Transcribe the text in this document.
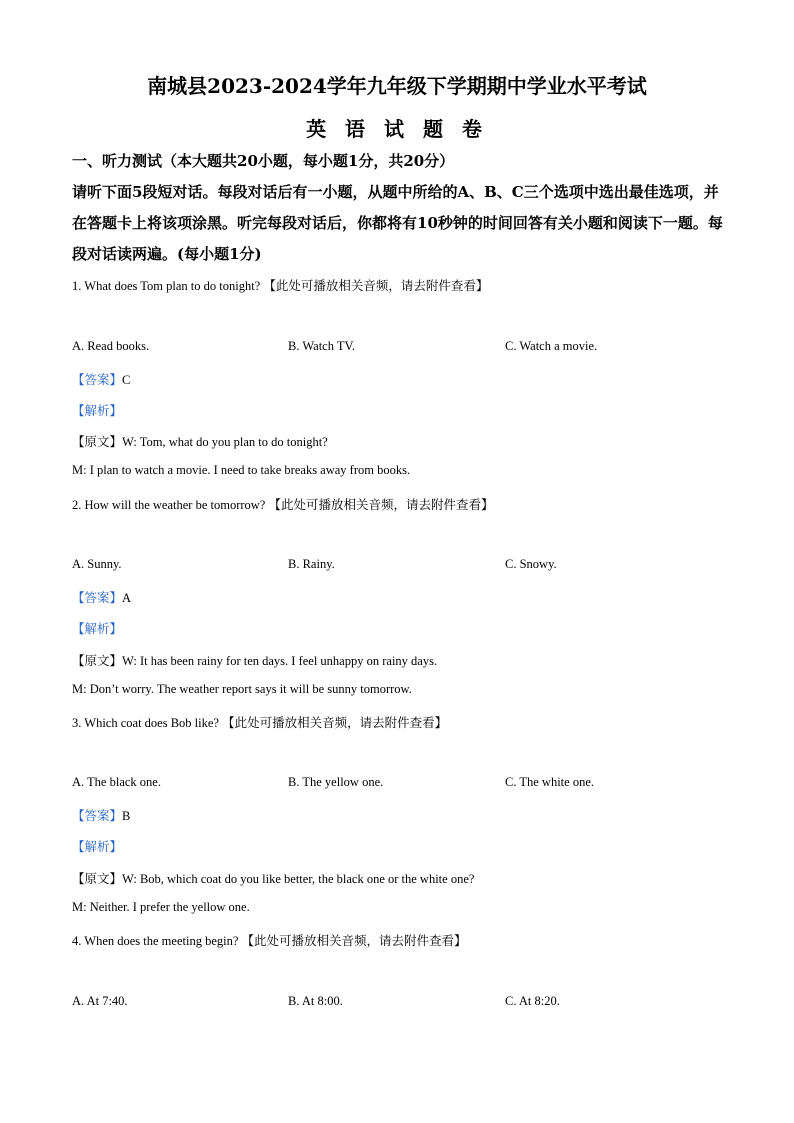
南城县2023-2024学年九年级下学期期中学业水平考试
英 语 试 题 卷
一、听力测试（本大题共20小题，每小题1分，共20分）
请听下面5段短对话。每段对话后有一小题，从题中所给的A、B、C三个选项中选出最佳选项，并在答题卡上将该项涂黑。听完每段对话后，你都将有10秒钟的时间回答有关小题和阅读下一题。每段对话读两遍。(每小题1分)
1. What does Tom plan to do tonight? 【此处可播放相关音频，请去附件查看】
A. Read books.	B. Watch TV.	C. Watch a movie.
【答案】C
【解析】
【原文】W: Tom, what do you plan to do tonight?
M: I plan to watch a movie. I need to take breaks away from books.
2. How will the weather be tomorrow? 【此处可播放相关音频，请去附件查看】
A. Sunny.	B. Rainy.	C. Snowy.
【答案】A
【解析】
【原文】W: It has been rainy for ten days. I feel unhappy on rainy days.
M: Don’t worry. The weather report says it will be sunny tomorrow.
3. Which coat does Bob like? 【此处可播放相关音频，请去附件查看】
A. The black one.	B. The yellow one.	C. The white one.
【答案】B
【解析】
【原文】W: Bob, which coat do you like better, the black one or the white one?
M: Neither. I prefer the yellow one.
4. When does the meeting begin? 【此处可播放相关音频，请去附件查看】
A. At 7:40.	B. At 8:00.	C. At 8:20.
